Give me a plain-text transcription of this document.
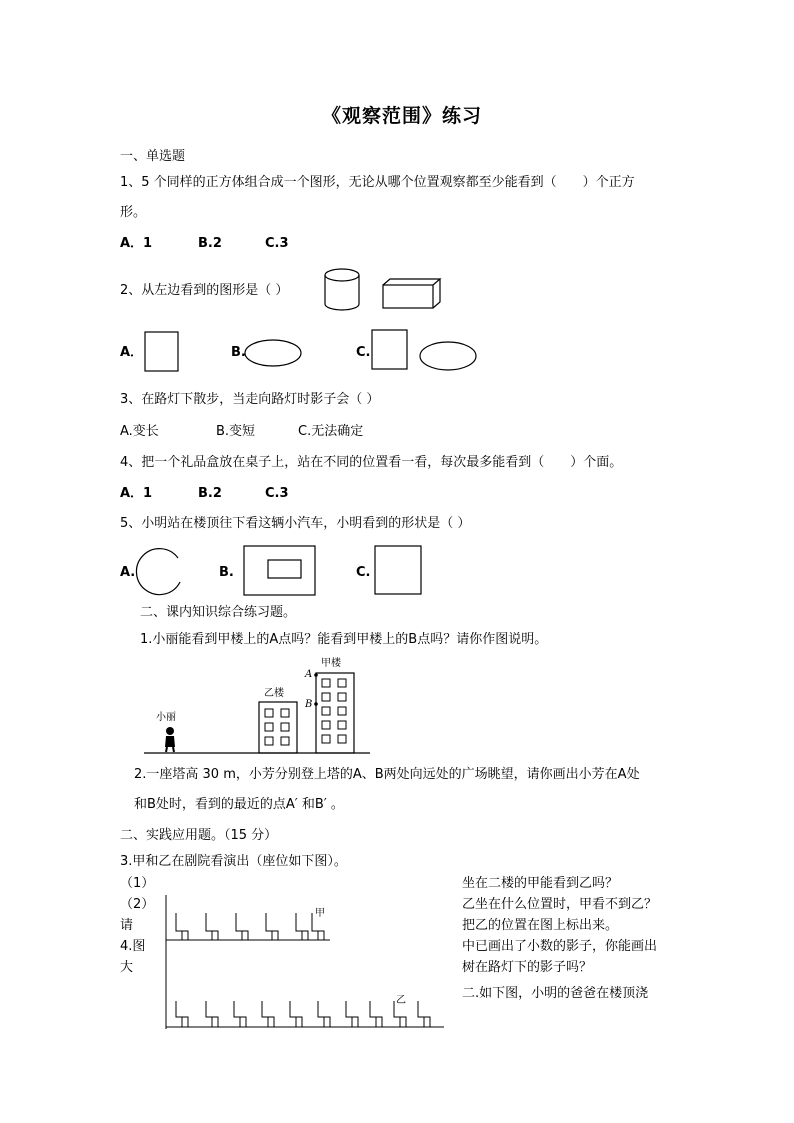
《观察范围》练习
一、单选题
1、5 个同样的正方体组合成一个图形，无论从哪个位置观察都至少能看到（　　）个正方
形。
A．1	B.2	C.3
2、从左边看到的图形是（ ）
A．	B.	C.
3、在路灯下散步，当走向路灯时影子会（ ）
A.变长	B.变短	C.无法确定
4、把一个礼品盒放在桌子上，站在不同的位置看一看，每次最多能看到（　　）个面。
A．1	B.2	C.3
5、小明站在楼顶往下看这辆小汽车，小明看到的形状是（ ）
A.	B.	C.
二、课内知识综合练习题。
1.小丽能看到甲楼上的A点吗？能看到甲楼上的B点吗？请你作图说明。
甲楼
乙楼
小丽
A
B
2.一座塔高 30 m，小芳分别登上塔的A、B两处向远处的广场眺望，请你画出小芳在A处
和B处时，看到的最近的点A′ 和B′ 。
二、实践应用题。（15 分）
3.甲和乙在剧院看演出（座位如下图）。
（1）
（2）
请
4.图
大
坐在二楼的甲能看到乙吗？
乙坐在什么位置时，甲看不到乙？
把乙的位置在图上标出来。
中已画出了小数的影子，你能画出
树在路灯下的影子吗？
二.如下图，小明的爸爸在楼顶浇
甲
乙
